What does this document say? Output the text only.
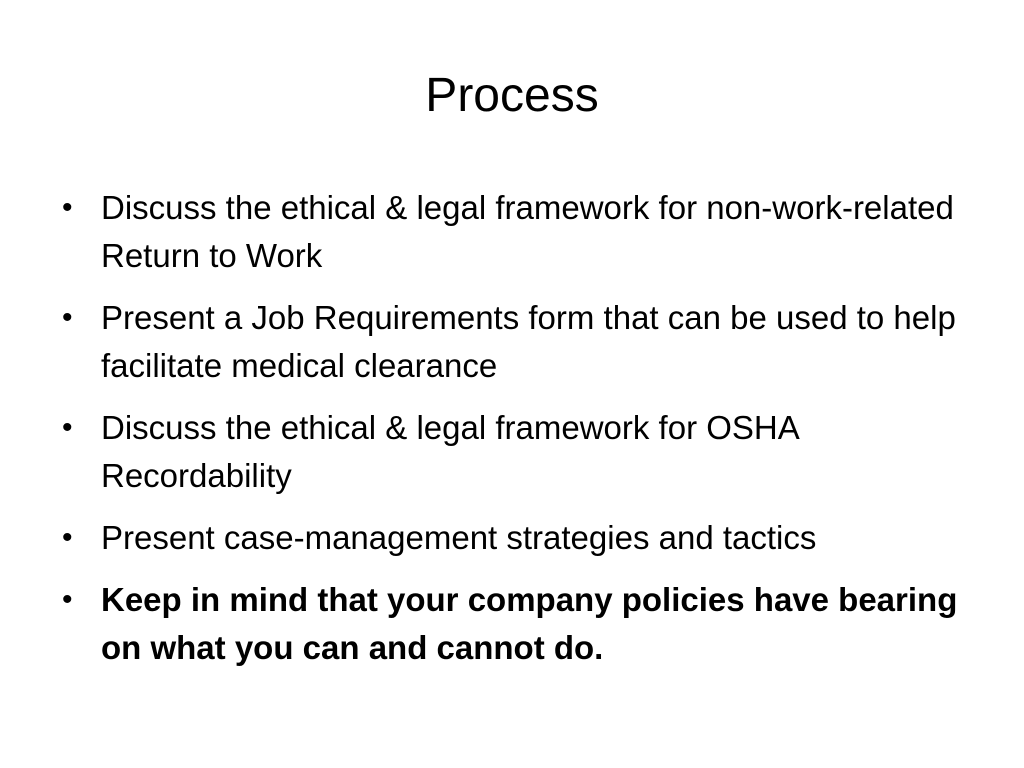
Process
• Discuss the ethical & legal framework for non-work-related Return to Work
• Present a Job Requirements form that can be used to help facilitate medical clearance
• Discuss the ethical & legal framework for OSHA Recordability
• Present case-management strategies and tactics
• Keep in mind that your company policies have bearing on what you can and cannot do.
